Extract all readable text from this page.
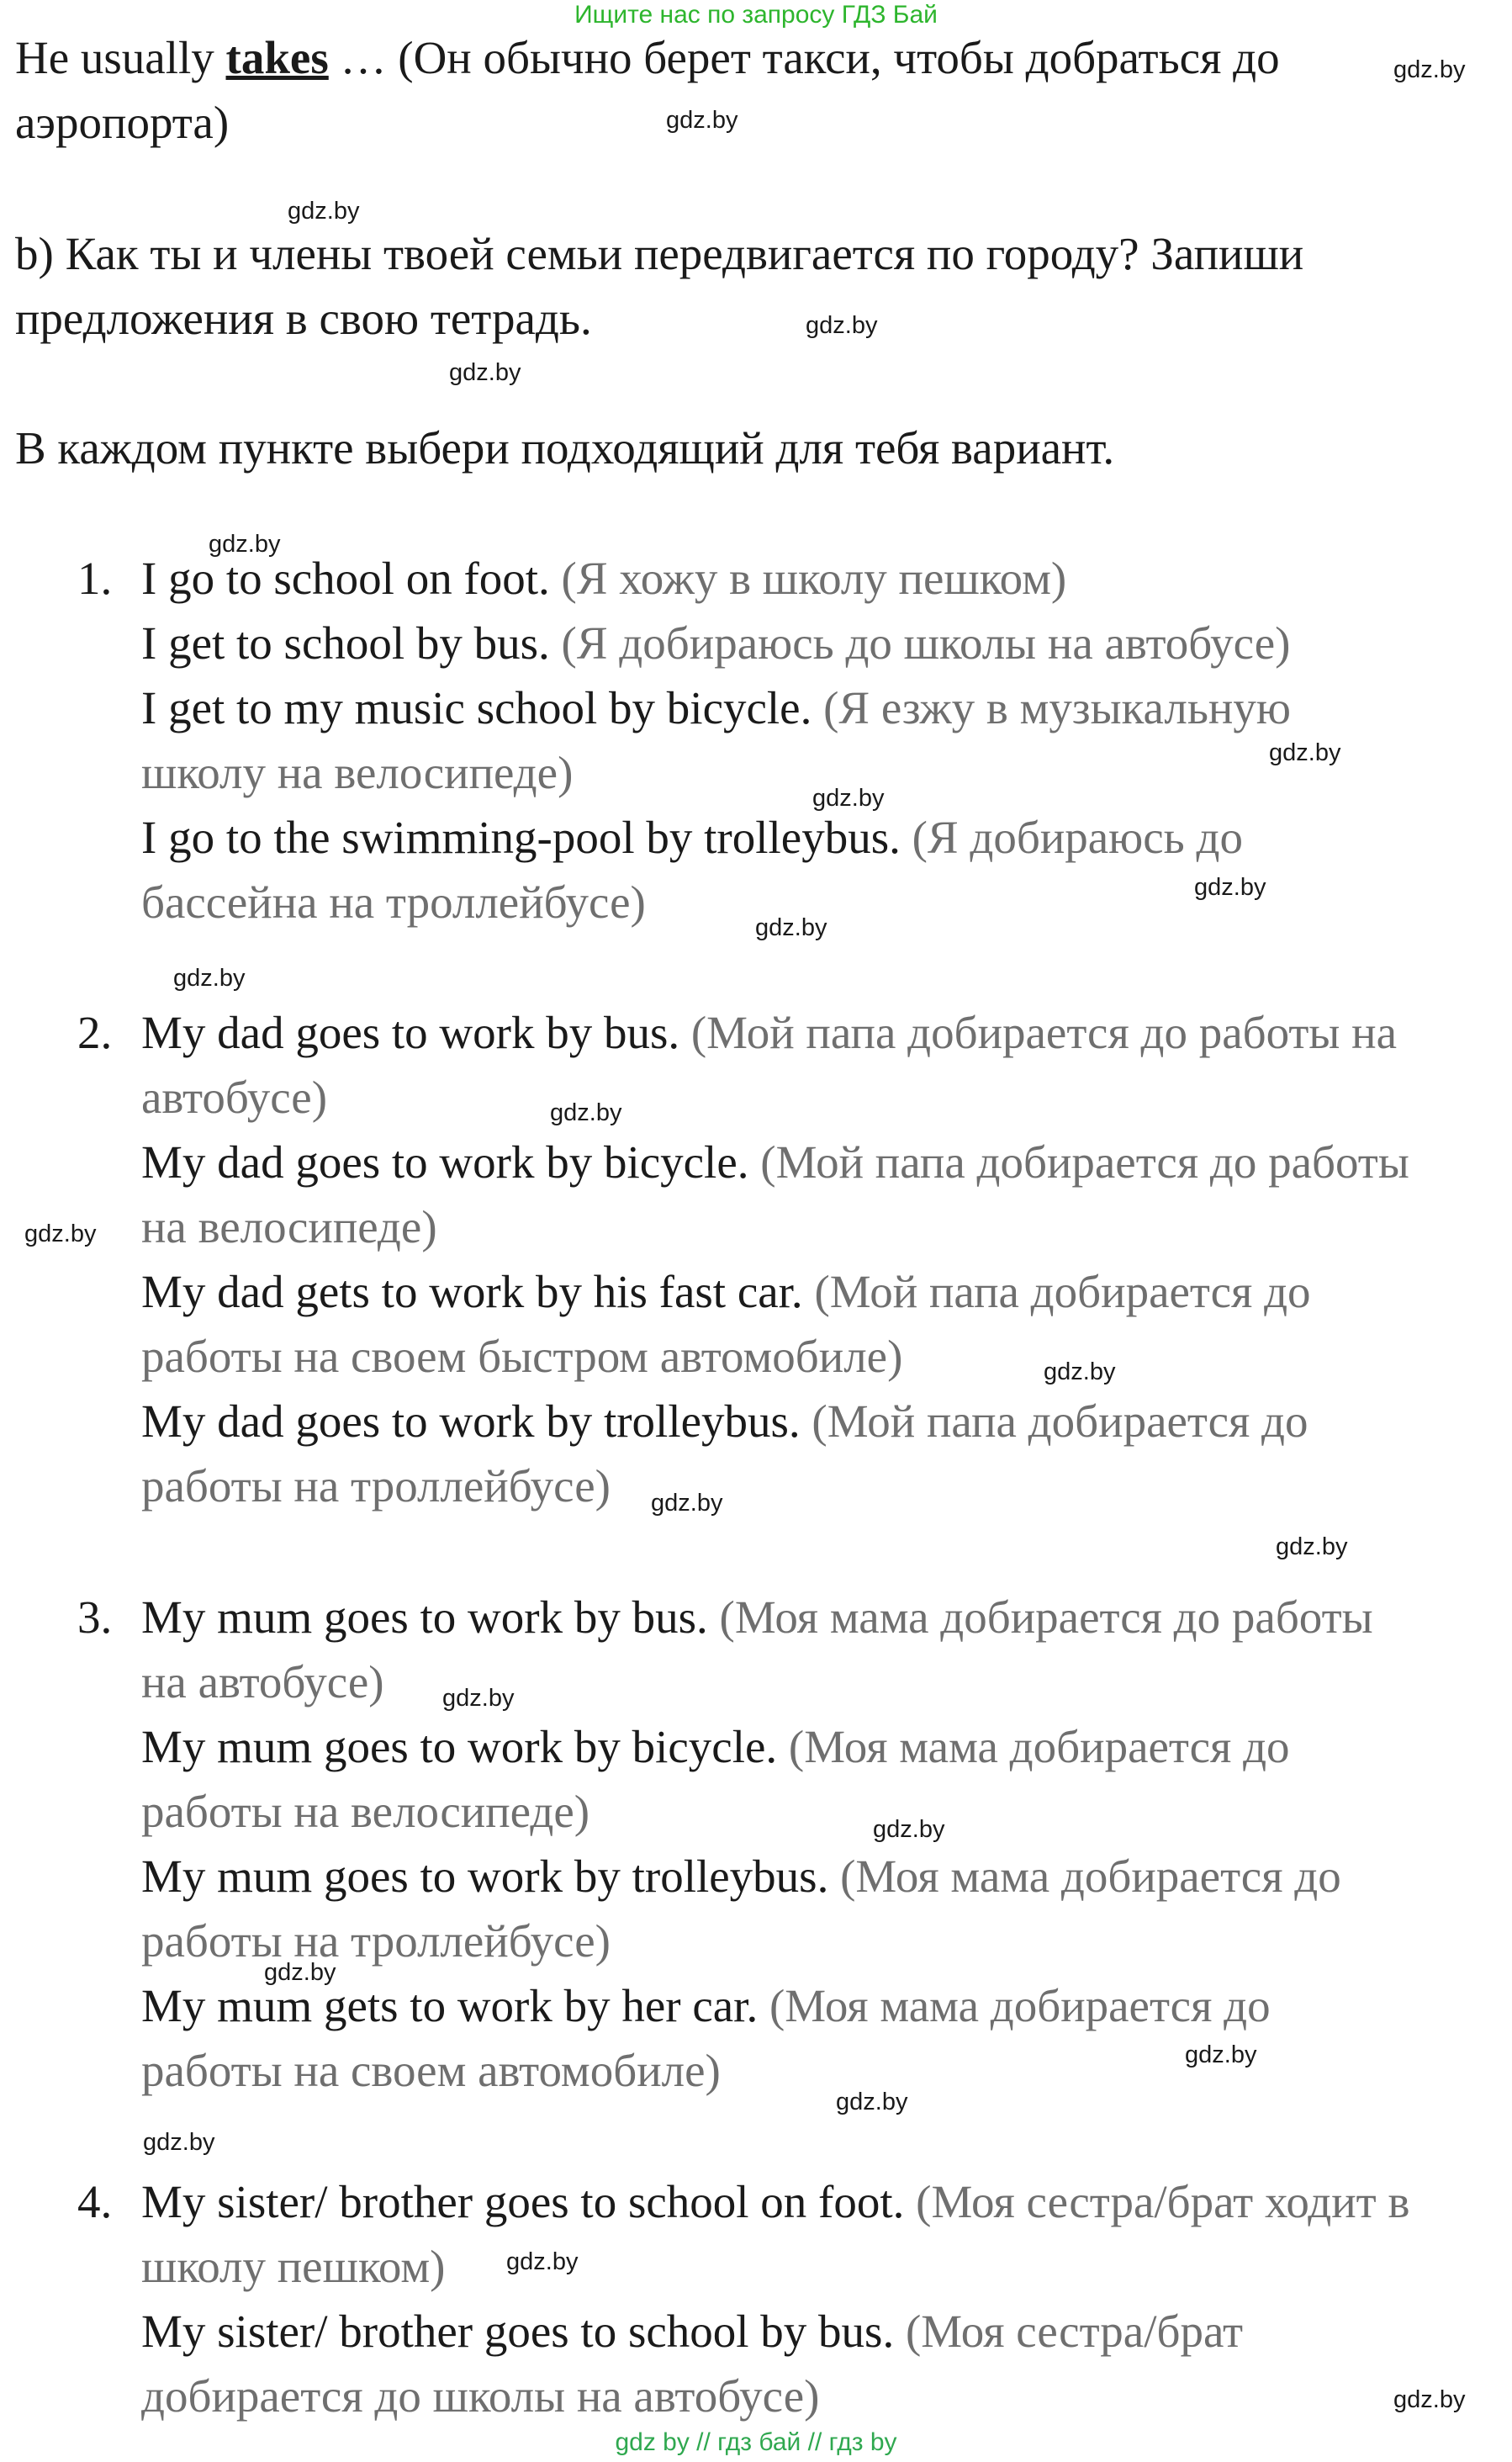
Ищите нас по запросу ГДЗ Бай
He usually takes … (Он обычно берет такси, чтобы добраться до
аэропорта)
b) Как ты и члены твоей семьи передвигается по городу? Запиши
предложения в свою тетрадь.
В каждом пункте выбери подходящий для тебя вариант.
1. I go to school on foot. (Я хожу в школу пешком)
I get to school by bus. (Я добираюсь до школы на автобусе)
I get to my music school by bicycle. (Я езжу в музыкальную
школу на велосипеде)
I go to the swimming-pool by trolleybus. (Я добираюсь до
бассейна на троллейбусе)
2. My dad goes to work by bus. (Мой папа добирается до работы на
автобусе)
My dad goes to work by bicycle. (Мой папа добирается до работы
на велосипеде)
My dad gets to work by his fast car. (Мой папа добирается до
работы на своем быстром автомобиле)
My dad goes to work by trolleybus. (Мой папа добирается до
работы на троллейбусе)
3. My mum goes to work by bus. (Моя мама добирается до работы
на автобусе)
My mum goes to work by bicycle. (Моя мама добирается до
работы на велосипеде)
My mum goes to work by trolleybus. (Моя мама добирается до
работы на троллейбусе)
My mum gets to work by her car. (Моя мама добирается до
работы на своем автомобиле)
4. My sister/ brother goes to school on foot. (Моя сестра/брат ходит в
школу пешком)
My sister/ brother goes to school by bus. (Моя сестра/брат
добирается до школы на автобусе)
gdz.by
gdz.by
gdz.by
gdz.by
gdz.by
gdz.by
gdz.by
gdz.by
gdz.by
gdz.by
gdz.by
gdz.by
gdz.by
gdz.by
gdz.by
gdz.by
gdz.by
gdz.by
gdz.by
gdz.by
gdz.by
gdz.by
gdz.by
gdz.by
gdz by // гдз бай // гдз by
